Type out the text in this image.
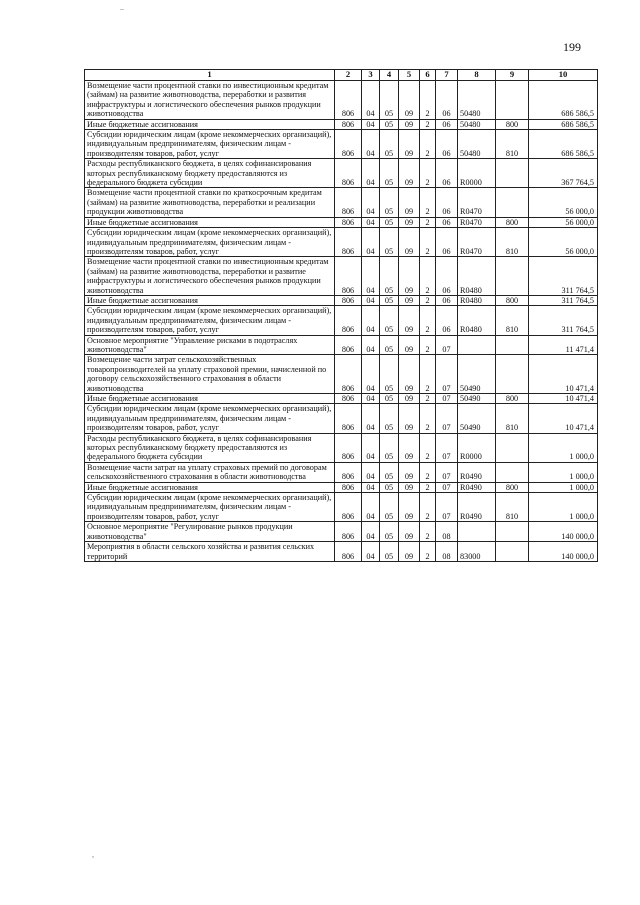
–
199
1	2	3	4	5	6	7	8	9	10
Возмещение части процентной ставки по инвестиционным кредитам (займам) на развитие животноводства, переработки и развития инфраструктуры и логистического обеспечения рынков продукции животноводства	806	04	05	09	2	06	50480		686 586,5
Иные бюджетные ассигнования	806	04	05	09	2	06	50480	800	686 586,5
Субсидии юридическим лицам (кроме некоммерческих организаций), индивидуальным предпринимателям, физическим лицам - производителям товаров, работ, услуг	806	04	05	09	2	06	50480	810	686 586,5
Расходы республиканского бюджета, в целях софинансирования которых республиканскому бюджету предоставляются из федерального бюджета субсидии	806	04	05	09	2	06	R0000		367 764,5
Возмещение части процентной ставки по краткосрочным кредитам (займам) на развитие животноводства, переработки и реализации продукции животноводства	806	04	05	09	2	06	R0470		56 000,0
Иные бюджетные ассигнования	806	04	05	09	2	06	R0470	800	56 000,0
Субсидии юридическим лицам (кроме некоммерческих организаций), индивидуальным предпринимателям, физическим лицам - производителям товаров, работ, услуг	806	04	05	09	2	06	R0470	810	56 000,0
Возмещение части процентной ставки по инвестиционным кредитам (займам) на развитие животноводства, переработки и развитие инфраструктуры и логистического обеспечения рынков продукции животноводства	806	04	05	09	2	06	R0480		311 764,5
Иные бюджетные ассигнования	806	04	05	09	2	06	R0480	800	311 764,5
Субсидии юридическим лицам (кроме некоммерческих организаций), индивидуальным предпринимателям, физическим лицам - производителям товаров, работ, услуг	806	04	05	09	2	06	R0480	810	311 764,5
Основное мероприятие "Управление рисками в подотраслях животноводства"	806	04	05	09	2	07			11 471,4
Возмещение части затрат сельскохозяйственных товаропроизводителей на уплату страховой премии, начисленной по договору сельскохозяйственного страхования в области животноводства	806	04	05	09	2	07	50490		10 471,4
Иные бюджетные ассигнования	806	04	05	09	2	07	50490	800	10 471,4
Субсидии юридическим лицам (кроме некоммерческих организаций), индивидуальным предпринимателям, физическим лицам - производителям товаров, работ, услуг	806	04	05	09	2	07	50490	810	10 471,4
Расходы республиканского бюджета, в целях софинансирования которых республиканскому бюджету предоставляются из федерального бюджета субсидии	806	04	05	09	2	07	R0000		1 000,0
Возмещение части затрат на уплату страховых премий по договорам сельскохозяйственного страхования в области животноводства	806	04	05	09	2	07	R0490		1 000,0
Иные бюджетные ассигнования	806	04	05	09	2	07	R0490	800	1 000,0
Субсидии юридическим лицам (кроме некоммерческих организаций), индивидуальным предпринимателям, физическим лицам - производителям товаров, работ, услуг	806	04	05	09	2	07	R0490	810	1 000,0
Основное мероприятие "Регулирование рынков продукции животноводства"	806	04	05	09	2	08			140 000,0
Мероприятия в области сельского хозяйства и развития сельских территорий	806	04	05	09	2	08	83000		140 000,0
,
